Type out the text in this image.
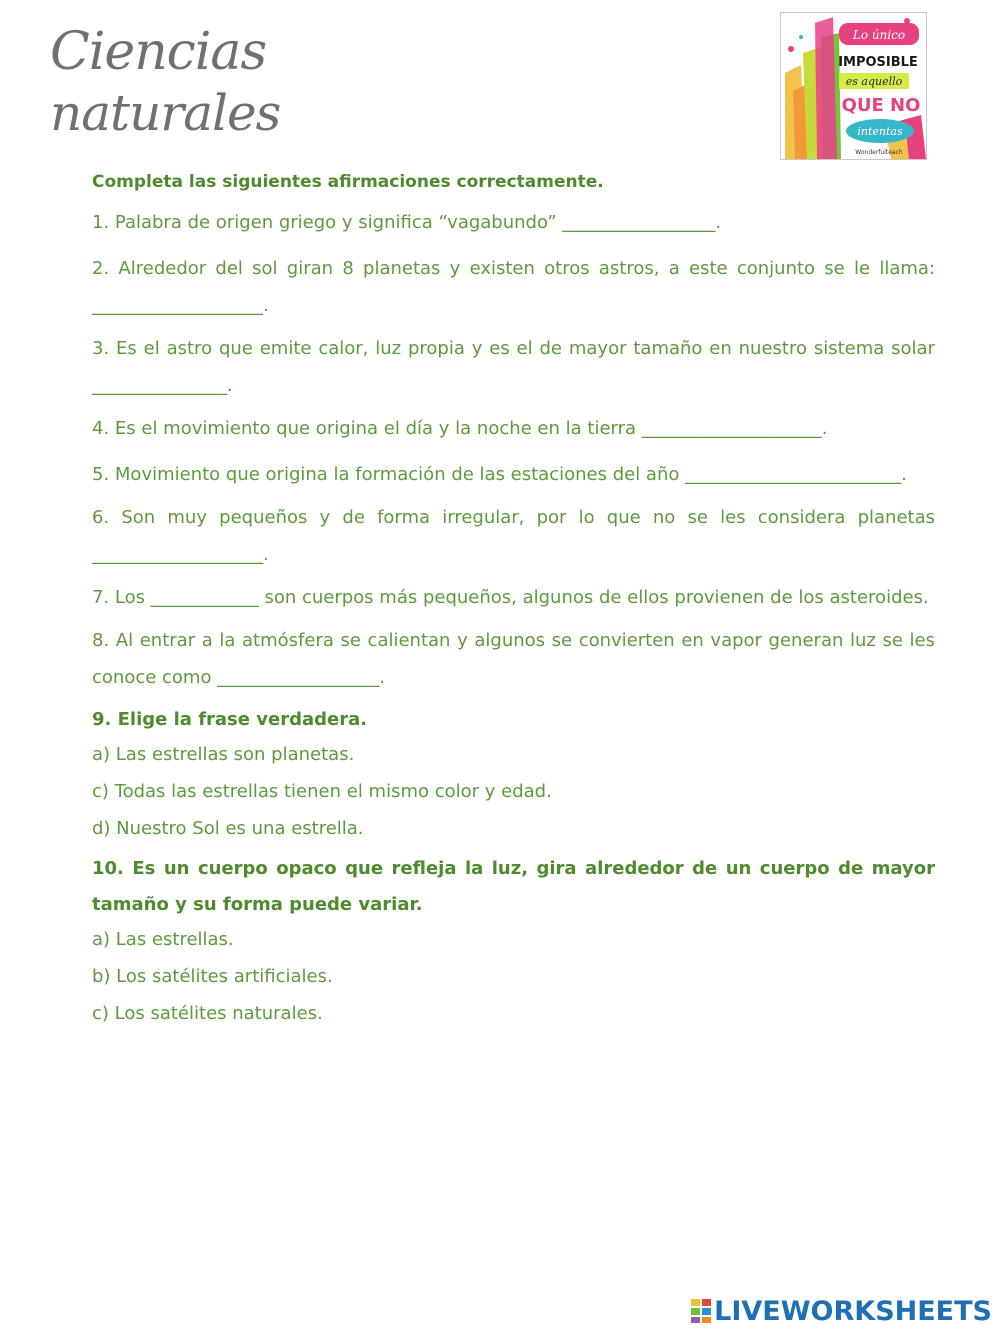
Ciencias
naturales
Lo único
IMPOSIBLE
es aquello
QUE NO
intentas
Wonderfulteach

Completa las siguientes afirmaciones correctamente.

1. Palabra de origen griego y significa “vagabundo” _________________.

2. Alrededor del sol giran 8 planetas y existen otros astros, a este conjunto se le llama: ___________________.

3. Es el astro que emite calor, luz propia y es el de mayor tamaño en nuestro sistema solar _______________.

4. Es el movimiento que origina el día y la noche en la tierra ____________________.

5. Movimiento que origina la formación de las estaciones del año ________________________.

6. Son muy pequeños y de forma irregular, por lo que no se les considera planetas ___________________.

7. Los ____________ son cuerpos más pequeños, algunos de ellos provienen de los asteroides.

8. Al entrar a la atmósfera se calientan y algunos se convierten en vapor generan luz se les conoce como __________________.

9. Elige la frase verdadera.

a) Las estrellas son planetas.

c) Todas las estrellas tienen el mismo color y edad.

d) Nuestro Sol es una estrella.

10. Es un cuerpo opaco que refleja la luz, gira alrededor de un cuerpo de mayor tamaño y su forma puede variar.

a) Las estrellas.

b) Los satélites artificiales.

c) Los satélites naturales.

LIVEWORKSHEETS
